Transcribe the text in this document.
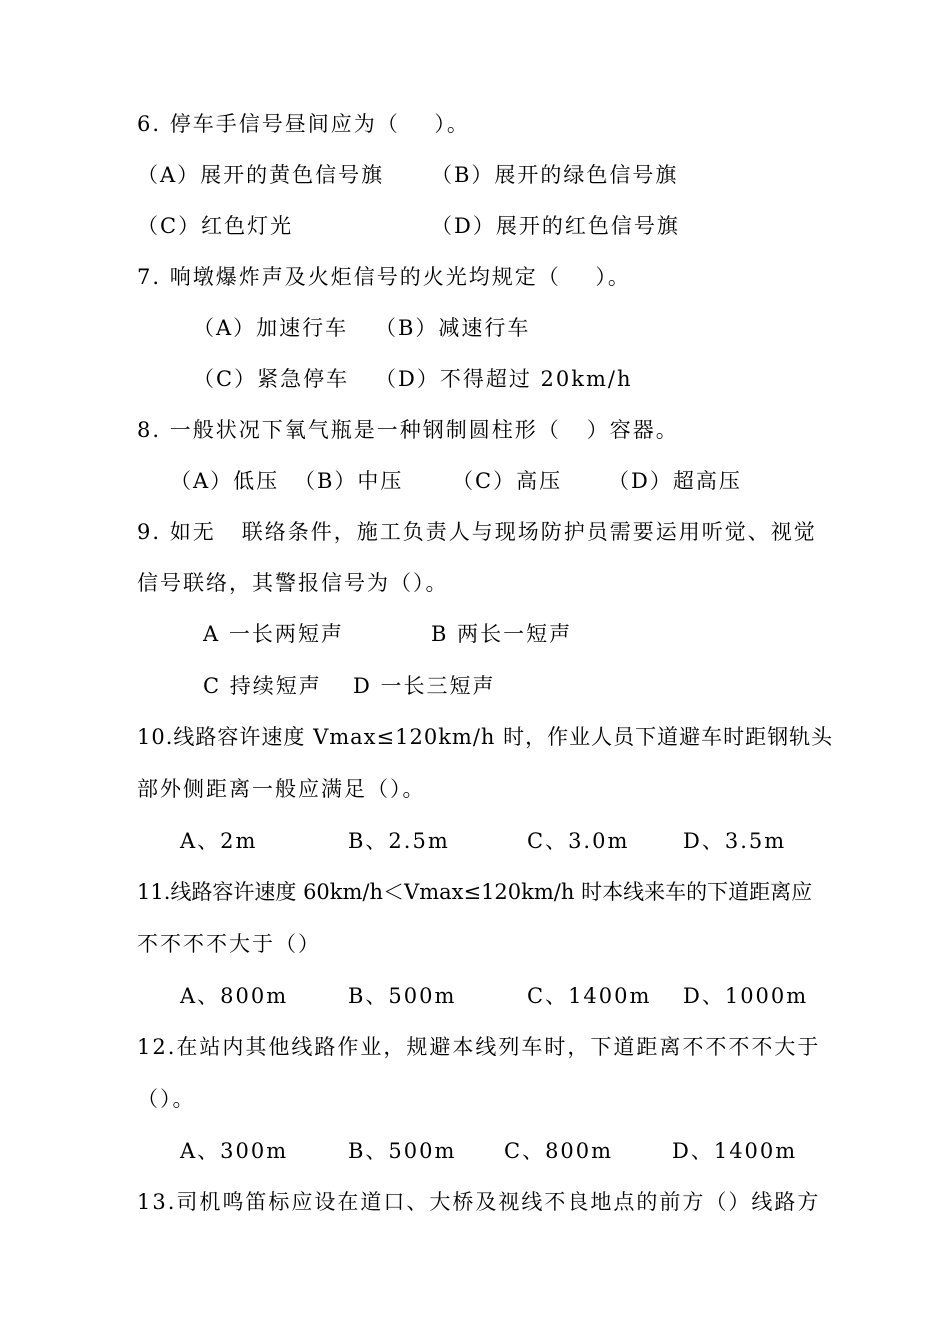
6. 停车手信号昼间应为（    ）。
（A）展开的黄色信号旗 （B）展开的绿色信号旗
（C）红色灯光	（D）展开的红色信号旗
7. 响墩爆炸声及火炬信号的火光均规定（    ）。
（A）加速行车 （B）减速行车
（C）紧急停车 （D）不得超过 20km/h
8. 一般状况下氧气瓶是一种钢制圆柱形（   ）容器。
（A）低压 （B）中压 （C）高压 （D）超高压
9. 如无   联络条件，施工负责人与现场防护员需要运用听觉、视觉
信号联络，其警报信号为（）。
A 一长两短声	B 两长一短声
C 持续短声 D 一长三短声
10.线路容许速度 Vmax≤120km/h 时，作业人员下道避车时距钢轨头
部外侧距离一般应满足（）。
A、2m	B、2.5m	C、3.0m	D、3.5m
11.线路容许速度 60km/h＜Vmax≤120km/h 时本线来车的下道距离应
不不不不大于（）
A、800m	B、500m	C、1400m D、1000m
12.在站内其他线路作业，规避本线列车时，下道距离不不不不大于
（）。
A、300m	B、500m C、800m	D、1400m
13.司机鸣笛标应设在道口、大桥及视线不良地点的前方（）线路方
